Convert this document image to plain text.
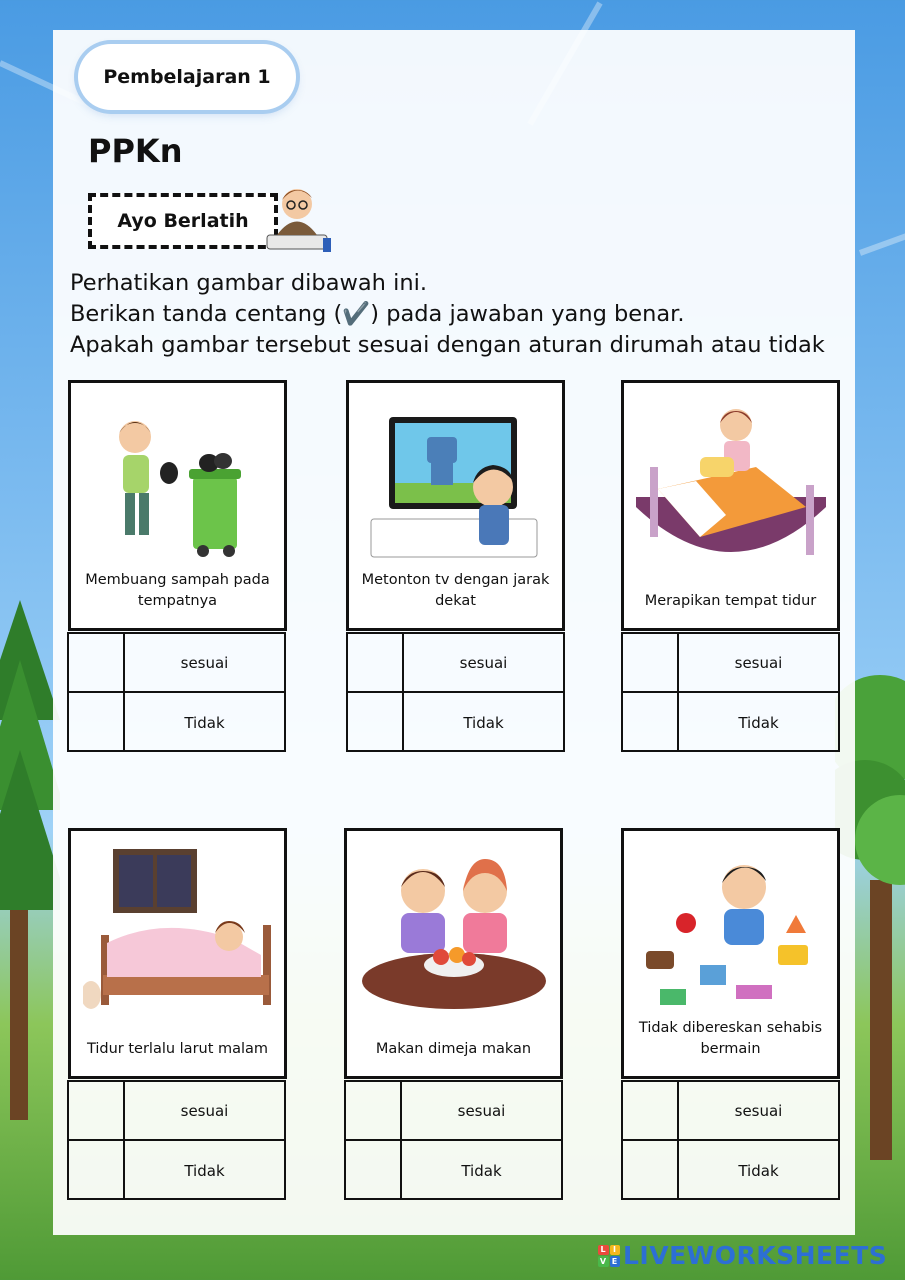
Pembelajaran 1
PPKn
Ayo Berlatih
Perhatikan gambar dibawah ini.
Berikan tanda centang (✔️) pada jawaban yang benar.
Apakah gambar tersebut sesuai dengan aturan dirumah atau tidak
Membuang sampah pada tempatnya
sesuai
Tidak
Metonton tv dengan jarak dekat
sesuai
Tidak
Merapikan tempat tidur
sesuai
Tidak
Tidur terlalu larut malam
sesuai
Tidak
Makan dimeja makan
sesuai
Tidak
Tidak dibereskan sehabis bermain
sesuai
Tidak
L I
V E LIVEWORKSHEETS
